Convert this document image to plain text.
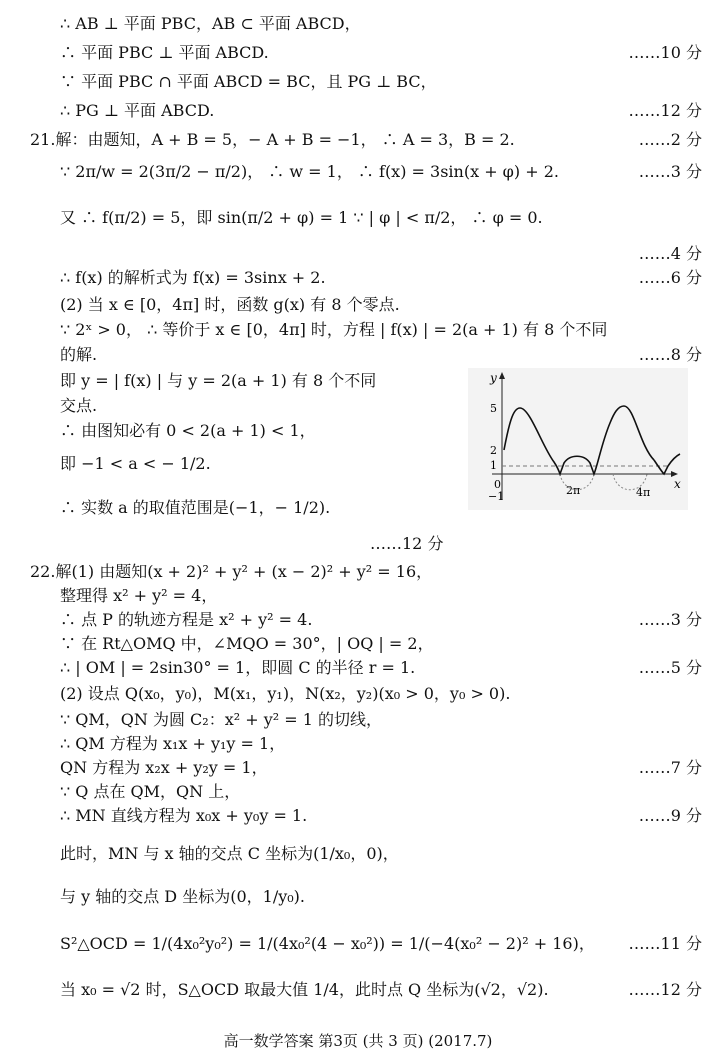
∴ AB ⊥ 平面 PBC，AB ⊂ 平面 ABCD，
∴ 平面 PBC ⊥ 平面 ABCD.
∵ 平面 PBC ∩ 平面 ABCD = BC，且 PG ⊥ BC，
∴ PG ⊥ 平面 ABCD.
21.解：由题知，A + B = 5，− A + B = −1， ∴ A = 3，B = 2.
∵ 2π/w = 2(3π/2 − π/2)， ∴ w = 1， ∴ f(x) = 3sin(x + φ) + 2.
又 ∴ f(π/2) = 5，即 sin(π/2 + φ) = 1 ∵ | φ | < π/2， ∴ φ = 0.
∴ f(x) 的解析式为 f(x) = 3sinx + 2.
(2) 当 x ∈ [0，4π] 时，函数 g(x) 有 8 个零点.
∵ 2ˣ > 0， ∴ 等价于 x ∈ [0，4π] 时，方程 | f(x) | = 2(a + 1) 有 8 个不同
的解.
即 y = | f(x) | 与 y = 2(a + 1) 有 8 个不同
交点.
∴ 由图知必有 0 < 2(a + 1) < 1，
即 −1 < a < − 1/2.
∴ 实数 a 的取值范围是(−1，− 1/2).
22.解(1) 由题知(x + 2)² + y² + (x − 2)² + y² = 16，
整理得 x² + y² = 4，
∴ 点 P 的轨迹方程是 x² + y² = 4.
∵ 在 Rt△OMQ 中，∠MQO = 30°，| OQ | = 2，
∴ | OM | = 2sin30° = 1，即圆 C 的半径 r = 1.
(2) 设点 Q(x₀，y₀)，M(x₁，y₁)，N(x₂，y₂)(x₀ > 0，y₀ > 0).
∵ QM，QN 为圆 C₂：x² + y² = 1 的切线，
∴ QM 方程为 x₁x + y₁y = 1，
QN 方程为 x₂x + y₂y = 1，
∵ Q 点在 QM，QN 上，
∴ MN 直线方程为 x₀x + y₀y = 1.
此时，MN 与 x 轴的交点 C 坐标为(1/x₀，0)，
与 y 轴的交点 D 坐标为(0，1/y₀).
S²△OCD = 1/(4x₀²y₀²) = 1/(4x₀²(4 − x₀²)) = 1/(−4(x₀² − 2)² + 16)，
当 x₀ = √2 时，S△OCD 取最大值 1/4，此时点 Q 坐标为(√2，√2).
……10 分
……12 分
……2 分
……3 分
……4 分
……6 分
……8 分
……12 分
……3 分
……5 分
……7 分
……9 分
……11 分
……12 分
y
x
5
2
1
0
−1	2π	4π
高一数学答案 第3页 (共 3 页) (2017.7)
